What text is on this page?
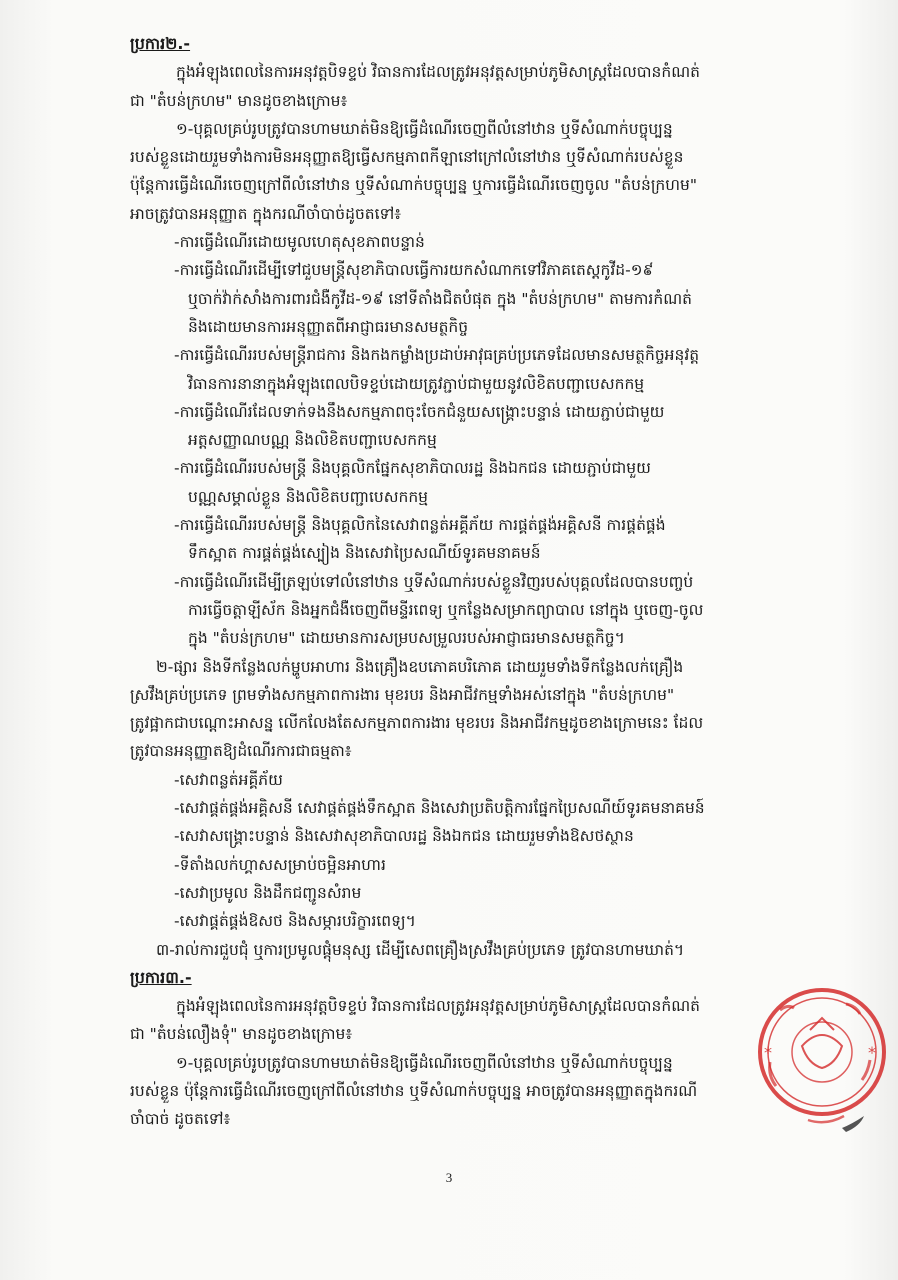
ប្រការ២.-
ក្នុងអំឡុងពេលនៃការអនុវត្តបិទខ្ទប់ វិធានការដែលត្រូវអនុវត្តសម្រាប់ភូមិសាស្ត្រដែលបានកំណត់
ជា "តំបន់ក្រហម" មានដូចខាងក្រោម៖
១-បុគ្គលគ្រប់រូបត្រូវបានហាមឃាត់មិនឱ្យធ្វើដំណើរចេញពីលំនៅឋាន ឬទីសំណាក់បច្ចុប្បន្ន
របស់ខ្លួនដោយរួមទាំងការមិនអនុញ្ញាតឱ្យធ្វើសកម្មភាពកីឡានៅក្រៅលំនៅឋាន ឬទីសំណាក់របស់ខ្លួន
ប៉ុន្តែការធ្វើដំណើរចេញក្រៅពីលំនៅឋាន ឬទីសំណាក់បច្ចុប្បន្ន ឬការធ្វើដំណើរចេញចូល "តំបន់ក្រហម"
អាចត្រូវបានអនុញ្ញាត ក្នុងករណីចាំបាច់ដូចតទៅ៖
-ការធ្វើដំណើរដោយមូលហេតុសុខភាពបន្ទាន់
-ការធ្វើដំណើរដើម្បីទៅជួបមន្ត្រីសុខាភិបាលធ្វើការយកសំណាកទៅវិភាគតេស្តកូវីដ-១៩
ឬចាក់វ៉ាក់សាំងការពារជំងឺកូវីដ-១៩ នៅទីតាំងជិតបំផុត ក្នុង "តំបន់ក្រហម" តាមការកំណត់
និងដោយមានការអនុញ្ញាតពីអាជ្ញាធរមានសមត្ថកិច្ច
-ការធ្វើដំណើររបស់មន្ត្រីរាជការ និងកងកម្លាំងប្រដាប់អាវុធគ្រប់ប្រភេទដែលមានសមត្ថកិច្ចអនុវត្ត
វិធានការនានាក្នុងអំឡុងពេលបិទខ្ទប់ដោយត្រូវភ្ជាប់ជាមួយនូវលិខិតបញ្ជាបេសកកម្ម
-ការធ្វើដំណើរដែលទាក់ទងនឹងសកម្មភាពចុះចែកជំនួយសង្គ្រោះបន្ទាន់ ដោយភ្ជាប់ជាមួយ
អត្តសញ្ញាណបណ្ណ និងលិខិតបញ្ជាបេសកកម្ម
-ការធ្វើដំណើររបស់មន្ត្រី និងបុគ្គលិកផ្នែកសុខាភិបាលរដ្ឋ និងឯកជន ដោយភ្ជាប់ជាមួយ
បណ្ណសម្គាល់ខ្លួន និងលិខិតបញ្ជាបេសកកម្ម
-ការធ្វើដំណើររបស់មន្ត្រី និងបុគ្គលិកនៃសេវាពន្លត់អគ្គីភ័យ ការផ្គត់ផ្គង់អគ្គិសនី ការផ្គត់ផ្គង់
ទឹកស្អាត ការផ្គត់ផ្គង់ស្បៀង និងសេវាប្រៃសណីយ៍ទូរគមនាគមន៍
-ការធ្វើដំណើរដើម្បីត្រឡប់ទៅលំនៅឋាន ឬទីសំណាក់របស់ខ្លួនវិញរបស់បុគ្គលដែលបានបញ្ចប់
ការធ្វើចត្តាឡីស័ក និងអ្នកជំងឺចេញពីមន្ទីរពេទ្យ ឬកន្លែងសម្រាកព្យាបាល នៅក្នុង ឬចេញ-ចូល
ក្នុង "តំបន់ក្រហម" ដោយមានការសម្របសម្រួលរបស់អាជ្ញាធរមានសមត្ថកិច្ច។
២-ផ្សារ និងទីកន្លែងលក់ម្ហូបអាហារ និងគ្រឿងឧបភោគបរិភោគ ដោយរួមទាំងទីកន្លែងលក់គ្រឿង
ស្រវឹងគ្រប់ប្រភេទ ព្រមទាំងសកម្មភាពការងារ មុខរបរ និងអាជីវកម្មទាំងអស់នៅក្នុង "តំបន់ក្រហម"
ត្រូវផ្អាកជាបណ្ដោះអាសន្ន លើកលែងតែសកម្មភាពការងារ មុខរបរ និងអាជីវកម្មដូចខាងក្រោមនេះ ដែល
ត្រូវបានអនុញ្ញាតឱ្យដំណើរការជាធម្មតា៖
-សេវាពន្លត់អគ្គីភ័យ
-សេវាផ្គត់ផ្គង់អគ្គិសនី សេវាផ្គត់ផ្គង់ទឹកស្អាត និងសេវាប្រតិបត្តិការផ្នែកប្រៃសណីយ៍ទូរគមនាគមន៍
-សេវាសង្គ្រោះបន្ទាន់ និងសេវាសុខាភិបាលរដ្ឋ និងឯកជន ដោយរួមទាំងឱសថស្ថាន
-ទីតាំងលក់ហ្គាសសម្រាប់ចម្អិនអាហារ
-សេវាប្រមូល និងដឹកជញ្ជូនសំរាម
-សេវាផ្គត់ផ្គង់ឱសថ និងសម្ភារបរិក្ខារពេទ្យ។
៣-រាល់ការជួបជុំ ឬការប្រមូលផ្ដុំមនុស្ស ដើម្បីសេពគ្រឿងស្រវឹងគ្រប់ប្រភេទ ត្រូវបានហាមឃាត់។
ប្រការ៣.-
ក្នុងអំឡុងពេលនៃការអនុវត្តបិទខ្ទប់ វិធានការដែលត្រូវអនុវត្តសម្រាប់ភូមិសាស្ត្រដែលបានកំណត់
ជា "តំបន់លឿងទុំ" មានដូចខាងក្រោម៖
១-បុគ្គលគ្រប់រូបត្រូវបានហាមឃាត់មិនឱ្យធ្វើដំណើរចេញពីលំនៅឋាន ឬទីសំណាក់បច្ចុប្បន្ន
របស់ខ្លួន ប៉ុន្តែការធ្វើដំណើរចេញក្រៅពីលំនៅឋាន ឬទីសំណាក់បច្ចុប្បន្ន អាចត្រូវបានអនុញ្ញាតក្នុងករណី
ចាំបាច់ ដូចតទៅ៖
*	*
3
